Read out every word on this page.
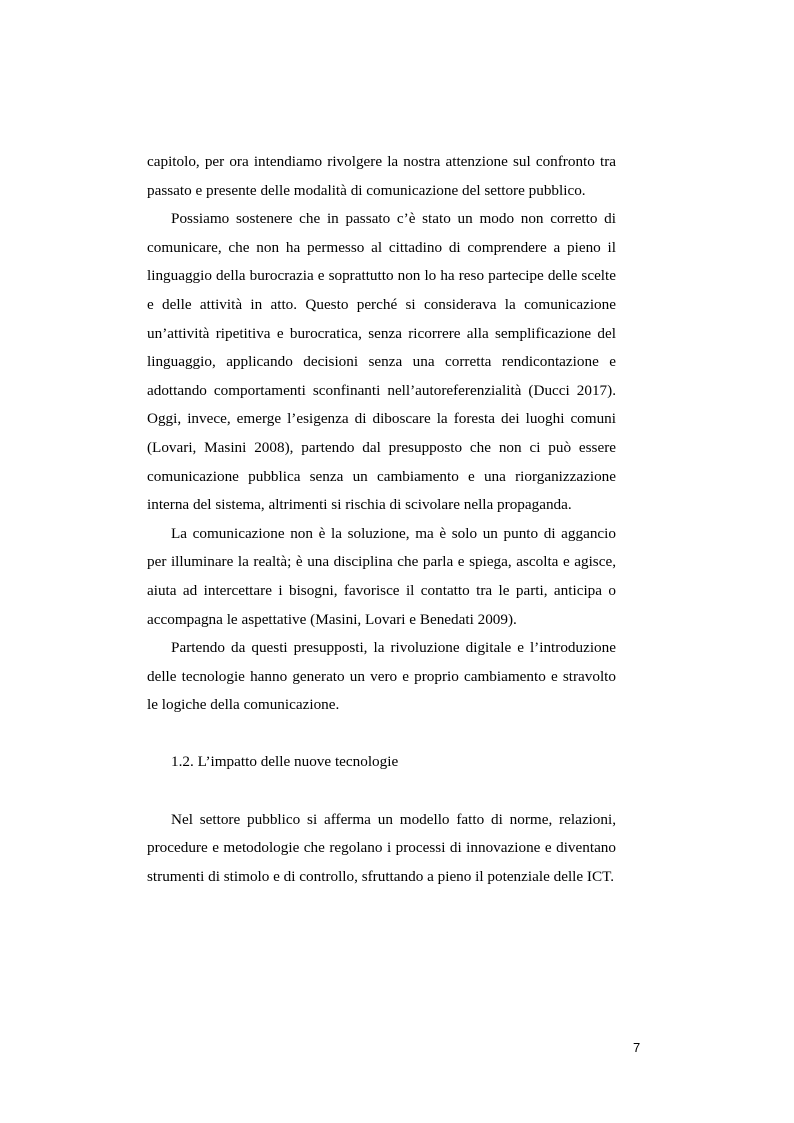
capitolo, per ora intendiamo rivolgere la nostra attenzione sul confronto tra passato e presente delle modalità di comunicazione del settore pubblico.

Possiamo sostenere che in passato c’è stato un modo non corretto di comunicare, che non ha permesso al cittadino di comprendere a pieno il linguaggio della burocrazia e soprattutto non lo ha reso partecipe delle scelte e delle attività in atto. Questo perché si considerava la comunicazione un’attività ripetitiva e burocratica, senza ricorrere alla semplificazione del linguaggio, applicando decisioni senza una corretta rendicontazione e adottando comportamenti sconfinanti nell’autoreferenzialità (Ducci 2017). Oggi, invece, emerge l’esigenza di diboscare la foresta dei luoghi comuni (Lovari, Masini 2008), partendo dal presupposto che non ci può essere comunicazione pubblica senza un cambiamento e una riorganizzazione interna del sistema, altrimenti si rischia di scivolare nella propaganda.

La comunicazione non è la soluzione, ma è solo un punto di aggancio per illuminare la realtà; è una disciplina che parla e spiega, ascolta e agisce, aiuta ad intercettare i bisogni, favorisce il contatto tra le parti, anticipa o accompagna le aspettative (Masini, Lovari e Benedati 2009).

Partendo da questi presupposti, la rivoluzione digitale e l’introduzione delle tecnologie hanno generato un vero e proprio cambiamento e stravolto le logiche della comunicazione.

1.2. L’impatto delle nuove tecnologie

Nel settore pubblico si afferma un modello fatto di norme, relazioni, procedure e metodologie che regolano i processi di innovazione e diventano strumenti di stimolo e di controllo, sfruttando a pieno il potenziale delle ICT.

7
